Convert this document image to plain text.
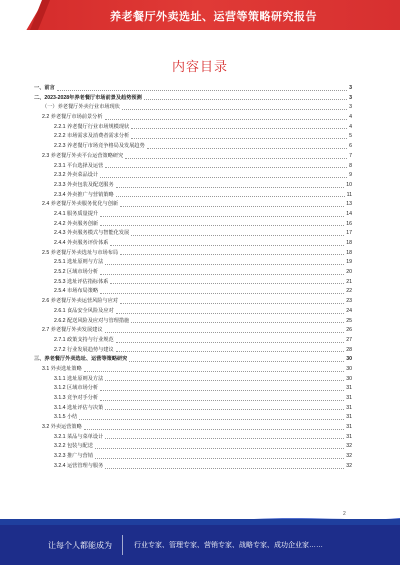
养老餐厅外卖选址、运营等策略研究报告
内容目录
一、前言	3
二、2023-2028年养老餐厅市场前景及趋势预测	3
（一）养老餐厅外卖行业市场现状	3
2.2 养老餐厅市场前景分析	4
2.2.1 养老餐厅行业市场规模现状	4
2.2.2 市场需求及消费者需求分析	5
2.2.3 养老餐厅市场竞争格局及发展趋势	6
2.3 养老餐厅外卖平台运营策略研究	7
2.3.1 平台选择及运营	8
2.3.2 外卖菜品设计	9
2.3.3 外卖包装及配送服务	10
2.3.4 外卖推广与营销策略	11
2.4 养老餐厅外卖服务优化与创新	13
2.4.1 服务质量提升	14
2.4.2 外卖服务创新	16
2.4.3 外卖服务模式与智能化发展	17
2.4.4 外卖服务评价体系	18
2.5 养老餐厅外卖选址与市场布局	18
2.5.1 选址原则与方法	19
2.5.2 区域市场分析	20
2.5.3 选址评估指标体系	21
2.5.4 市场布局策略	22
2.6 养老餐厅外卖运营风险与应对	23
2.6.1 食品安全风险及应对	24
2.6.2 配送风险及应对与管理措施	25
2.7 养老餐厅外卖发展建议	26
2.7.1 政策支持与行业规范	27
2.7.2 行业发展趋势与建议	28
三、养老餐厅外卖选址、运营等策略研究	30
3.1 外卖选址策略	30
3.1.1 选址原则及方法	30
3.1.2 区域市场分析	31
3.1.3 竞争对手分析	31
3.1.4 选址评估与决策	31
3.1.5 小结	31
3.2 外卖运营策略	31
3.2.1 菜品与菜单设计	31
3.2.2 包装与配送	32
3.2.3 推广与营销	32
3.2.4 运营管理与服务	32
2
让每个人都能成为	行业专家、管理专家、营销专家、战略专家、成功企业家……
